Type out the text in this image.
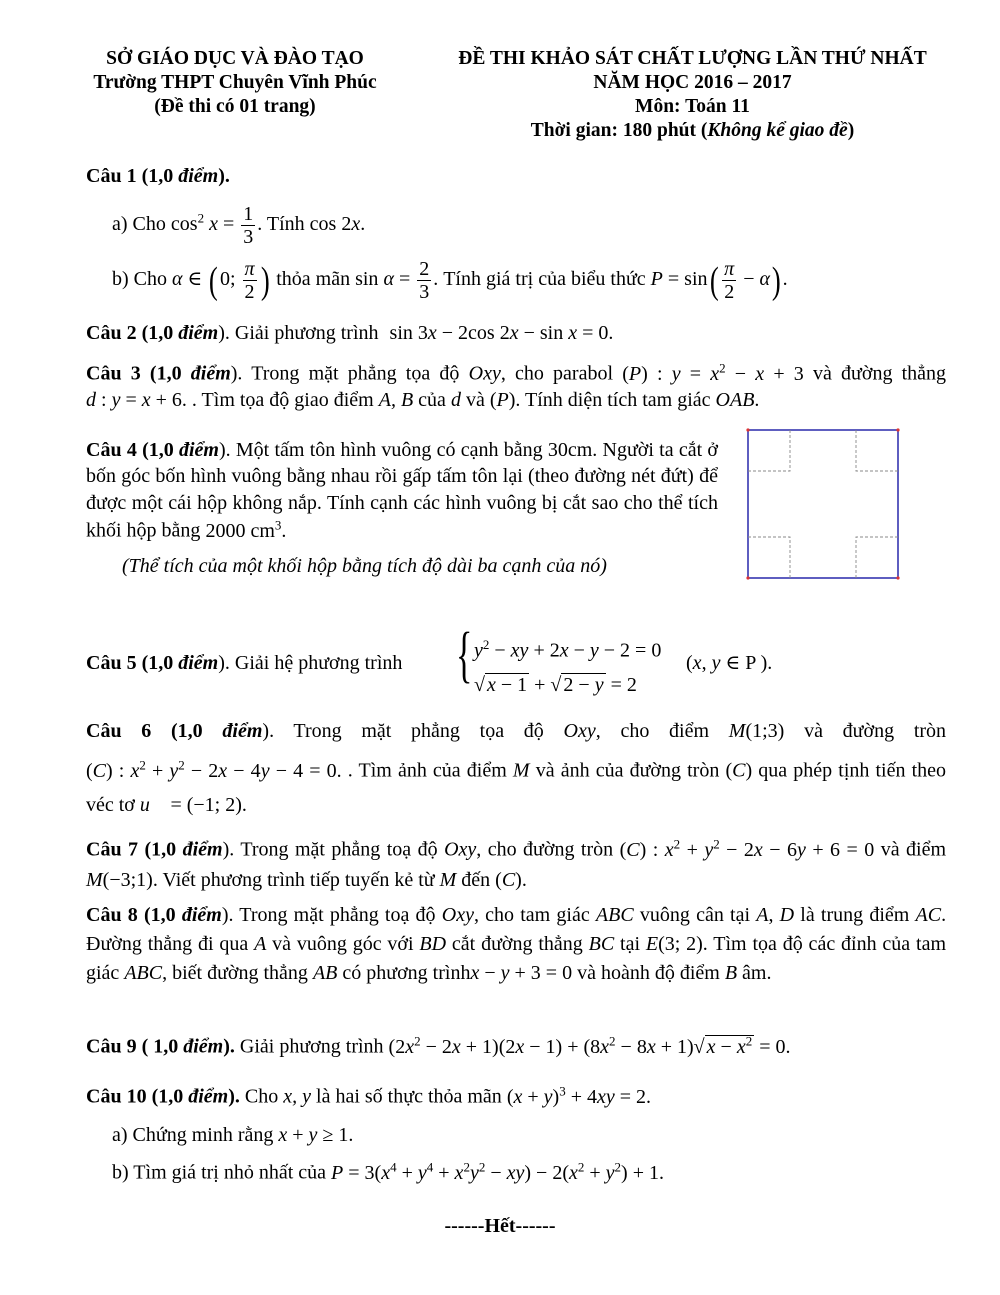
SỞ GIÁO DỤC VÀ ĐÀO TẠO
Trường THPT Chuyên Vĩnh Phúc
(Đề thi có 01 trang)
ĐỀ THI KHẢO SÁT CHẤT LƯỢNG LẦN THỨ NHẤT
NĂM HỌC 2016 – 2017
Môn: Toán 11
Thời gian: 180 phút (Không kể giao đề)
Câu 1 (1,0 điểm).
a) Cho $\cos^2 x = \frac{1}{3}$ . Tính cos 2x.
b) Cho α ∈ (0; $\frac{\pi}{2}$ ) thỏa mãn $\sin \alpha = \frac{2}{3}$ . Tính giá trị của biểu thức $P = \sin( \frac{\pi}{2} - \alpha)$.
Câu 2 (1,0 điểm). Giải phương trình sin 3x − 2cos 2x − sin x = 0.
Câu 3 (1,0 điểm). Trong mặt phẳng tọa độ Oxy, cho parabol (P) : $y = x^2 - x + 3$ và đường thẳng d : y = x + 6. . Tìm tọa độ giao điểm A, B của d và (P). Tính diện tích tam giác OAB.
Câu 4 (1,0 điểm). Một tấm tôn hình vuông có cạnh bằng 30cm. Người ta cắt ở bốn góc bốn hình vuông bằng nhau rồi gấp tấm tôn lại (theo đường nét đứt) để được một cái hộp không nắp. Tính cạnh các hình vuông bị cắt sao cho thể tích khối hộp bằng 2000 $cm^3$.
(Thể tích của một khối hộp bằng tích độ dài ba cạnh của nó)
Câu 5 (1,0 điểm). Giải hệ phương trình { $y^2$ − xy + 2x − y − 2 = 0
√ x − 1 + √ 2 − y = 2
(x, y ∈ P ).
Câu 6 (1,0 điểm). Trong mặt phẳng tọa độ Oxy, cho điểm M(1;3) và đường tròn (C) : $x^2 + y^2 - 2x - 4y - 4 = 0$. . Tìm ảnh của điểm M và ảnh của đường tròn (C) qua phép tịnh tiến theo véc tơ u⃗ = (−1; 2).
Câu 7 (1,0 điểm). Trong mặt phẳng toạ độ Oxy, cho đường tròn (C) : $x^2 + y^2 - 2x - 6y + 6 = 0$ và điểm M(−3;1). Viết phương trình tiếp tuyến kẻ từ M đến (C).
Câu 8 (1,0 điểm). Trong mặt phẳng toạ độ Oxy, cho tam giác ABC vuông cân tại A, D là trung điểm AC. Đường thẳng đi qua A và vuông góc với BD cắt đường thẳng BC tại E(3; 2). Tìm tọa độ các đỉnh của tam giác ABC, biết đường thẳng AB có phương trìnhx − y + 3 = 0 và hoành độ điểm B âm.
Câu 9 ( 1,0 điểm). Giải phương trình $(2x^2 - 2x + 1)(2x - 1) + (8x^2 - 8x + 1)√$ $x - x^2 = 0$.
Câu 10 (1,0 điểm). Cho x, y là hai số thực thỏa mãn $(x + y)^3 + 4xy = 2$.
a) Chứng minh rằng x + y ≥ 1.
b) Tìm giá trị nhỏ nhất của $P = 3(x^4 + y^4 + x^2y^2 - xy) - 2(x^2 + y^2) + 1$.
------Hết------
